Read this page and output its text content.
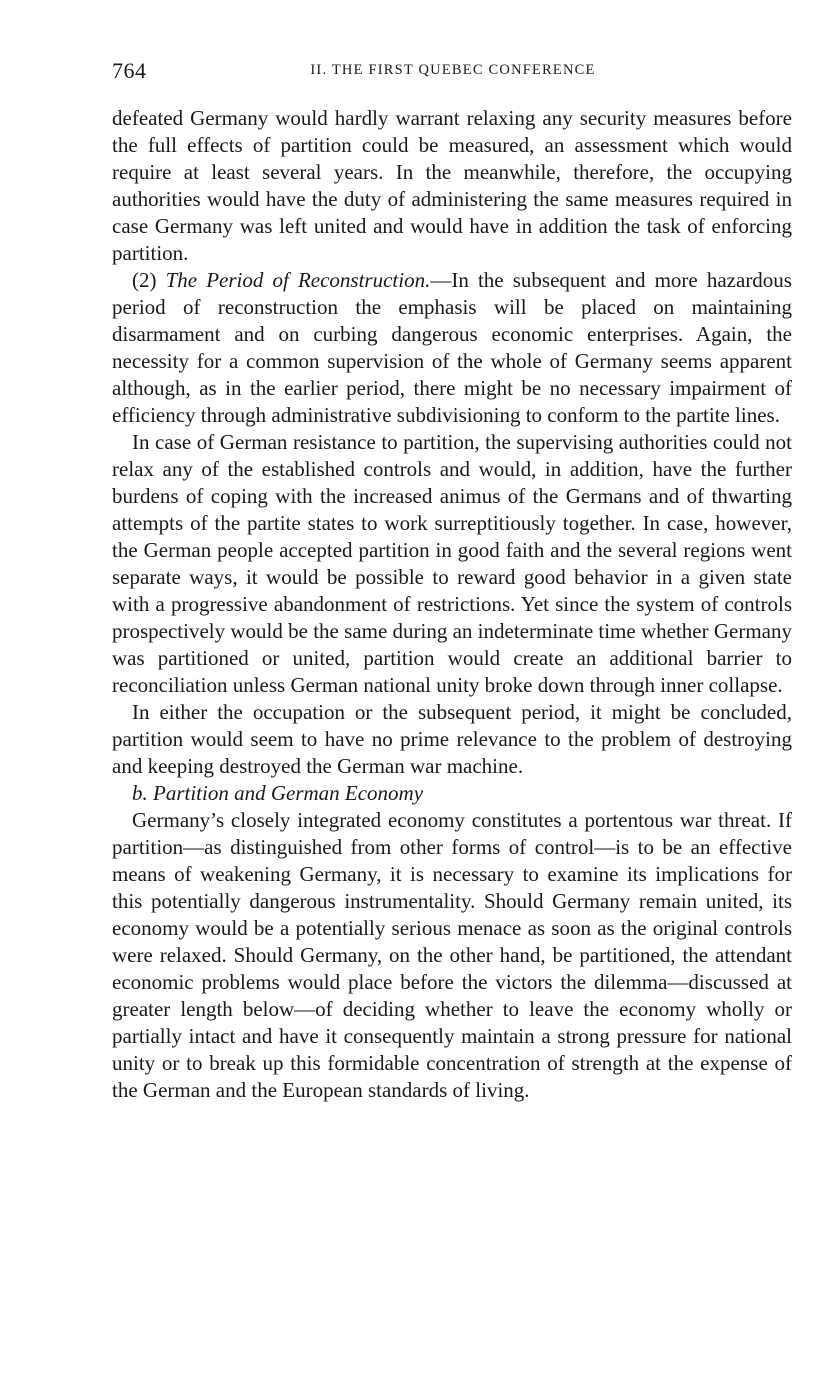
764	II. THE FIRST QUEBEC CONFERENCE

defeated Germany would hardly warrant relaxing any security measures before the full effects of partition could be measured, an assessment which would require at least several years. In the meanwhile, therefore, the occupying authorities would have the duty of administering the same measures required in case Germany was left united and would have in addition the task of enforcing partition.

(2) The Period of Reconstruction.—In the subsequent and more hazardous period of reconstruction the emphasis will be placed on maintaining disarmament and on curbing dangerous economic enterprises. Again, the necessity for a common supervision of the whole of Germany seems apparent although, as in the earlier period, there might be no necessary impairment of efficiency through administrative subdivisioning to conform to the partite lines.

In case of German resistance to partition, the supervising authorities could not relax any of the established controls and would, in addition, have the further burdens of coping with the increased animus of the Germans and of thwarting attempts of the partite states to work surreptitiously together. In case, however, the German people accepted partition in good faith and the several regions went separate ways, it would be possible to reward good behavior in a given state with a progressive abandonment of restrictions. Yet since the system of controls prospectively would be the same during an indeterminate time whether Germany was partitioned or united, partition would create an additional barrier to reconciliation unless German national unity broke down through inner collapse.

In either the occupation or the subsequent period, it might be concluded, partition would seem to have no prime relevance to the problem of destroying and keeping destroyed the German war machine.

b. Partition and German Economy

Germany’s closely integrated economy constitutes a portentous war threat. If partition—as distinguished from other forms of control—is to be an effective means of weakening Germany, it is necessary to examine its implications for this potentially dangerous instrumentality. Should Germany remain united, its economy would be a potentially serious menace as soon as the original controls were relaxed. Should Germany, on the other hand, be partitioned, the attendant economic problems would place before the victors the dilemma—discussed at greater length below—of deciding whether to leave the economy wholly or partially intact and have it consequently maintain a strong pressure for national unity or to break up this formidable concentration of strength at the expense of the German and the European standards of living.
